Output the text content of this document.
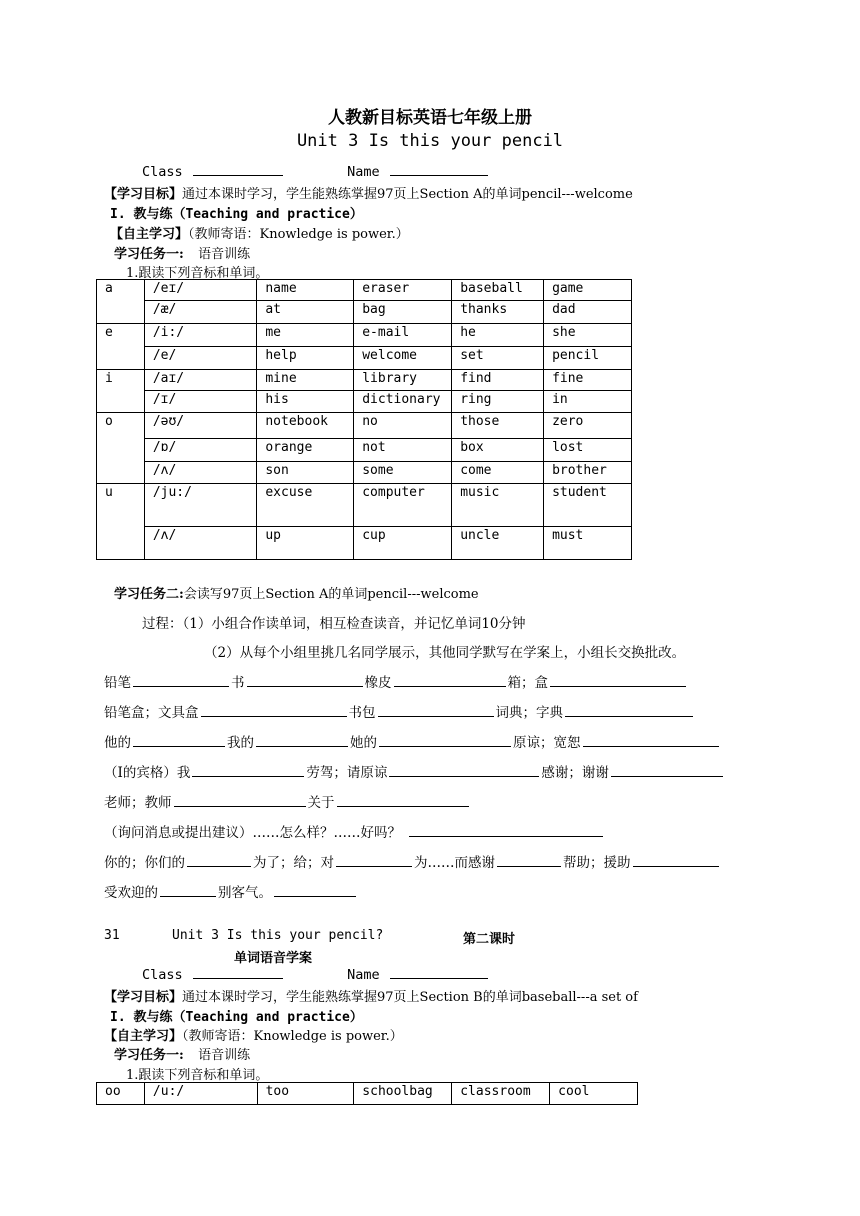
人教新目标英语七年级上册
Unit 3 Is this your pencil
Class	Name
【学习目标】通过本课时学习，学生能熟练掌握97页上Section A的单词pencil---welcome
I. 教与练（Teaching and practice）
【自主学习】（教师寄语：Knowledge is power.）
学习任务一: 语音训练
1.跟读下列音标和单词。
a	/eɪ/	name	eraser	baseball	game
	/æ/	at	bag	thanks	dad
e	/i:/	me	e-mail	he	she
	/e/	help	welcome	set	pencil
i	/aɪ/	mine	library	find	fine
	/ɪ/	his	dictionary	ring	in
o	/əʊ/	notebook	no	those	zero
	/ɒ/	orange	not	box	lost
	/ʌ/	son	some	come	brother
u	/ju:/	excuse	computer	music	student
	/ʌ/	up	cup	uncle	must
学习任务二:会读写97页上Section A的单词pencil---welcome
过程：（1）小组合作读单词，相互检查读音，并记忆单词10分钟
（2）从每个小组里挑几名同学展示，其他同学默写在学案上，小组长交换批改。
铅笔	书	橡皮	箱；盒
铅笔盒；文具盒	书包	词典；字典
他的	我的	她的	原谅；宽恕
（I的宾格）我	劳驾；请原谅	感谢；谢谢
老师；教师	关于
（询问消息或提出建议）……怎么样？……好吗？
你的；你们的	为了；给；对	为……而感谢	帮助；援助
受欢迎的	别客气。
31	Unit 3 Is this your pencil?	第二课时
单词语音学案
Class	Name
【学习目标】通过本课时学习，学生能熟练掌握97页上Section B的单词baseball---a set of
I. 教与练（Teaching and practice）
【自主学习】（教师寄语：Knowledge is power.）
学习任务一: 语音训练
1.跟读下列音标和单词。
oo	/u:/	too	schoolbag	classroom	cool
